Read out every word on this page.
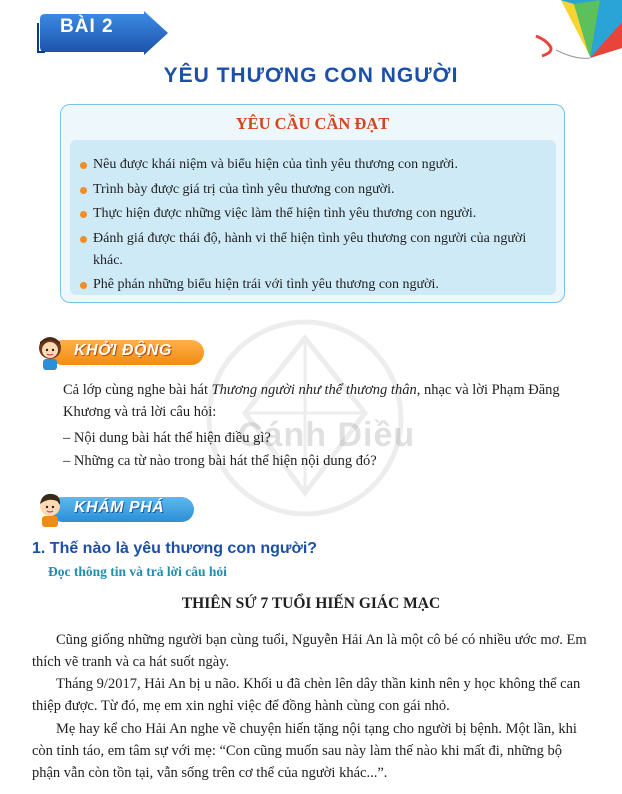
Cánh Diều
BÀI 2
YÊU THƯƠNG CON NGƯỜI
YÊU CẦU CẦN ĐẠT
Nêu được khái niệm và biểu hiện của tình yêu thương con người.
Trình bày được giá trị của tình yêu thương con người.
Thực hiện được những việc làm thể hiện tình yêu thương con người.
Đánh giá được thái độ, hành vi thể hiện tình yêu thương con người của người khác.
Phê phán những biểu hiện trái với tình yêu thương con người.
KHỞI ĐỘNG
Cả lớp cùng nghe bài hát Thương người như thể thương thân, nhạc và lời Phạm Đăng Khương và trả lời câu hỏi:
– Nội dung bài hát thể hiện điều gì?
– Những ca từ nào trong bài hát thể hiện nội dung đó?
KHÁM PHÁ
1. Thế nào là yêu thương con người?
Đọc thông tin và trả lời câu hỏi
THIÊN SỨ 7 TUỔI HIẾN GIÁC MẠC
Cũng giống những người bạn cùng tuổi, Nguyễn Hải An là một cô bé có nhiều ước mơ. Em thích vẽ tranh và ca hát suốt ngày.
Tháng 9/2017, Hải An bị u não. Khối u đã chèn lên dây thần kinh nên y học không thể can thiệp được. Từ đó, mẹ em xin nghỉ việc để đồng hành cùng con gái nhỏ.
Mẹ hay kể cho Hải An nghe về chuyện hiến tặng nội tạng cho người bị bệnh. Một lần, khi còn tỉnh táo, em tâm sự với mẹ: “Con cũng muốn sau này làm thế nào khi mất đi, những bộ phận vẫn còn tồn tại, vẫn sống trên cơ thể của người khác...”.
